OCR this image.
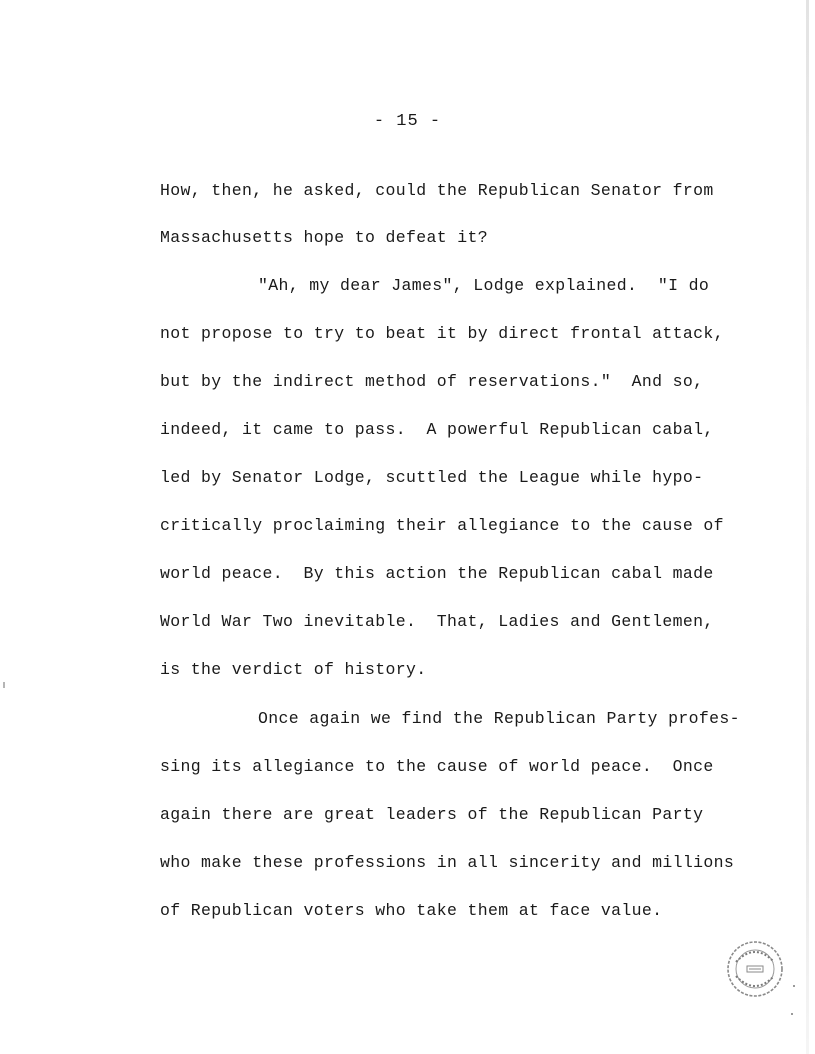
- 15 -
How, then, he asked, could the Republican Senator from
Massachusetts hope to defeat it?
"Ah, my dear James", Lodge explained.  "I do
not propose to try to beat it by direct frontal attack,
but by the indirect method of reservations."  And so,
indeed, it came to pass.  A powerful Republican cabal,
led by Senator Lodge, scuttled the League while hypo-
critically proclaiming their allegiance to the cause of
world peace.  By this action the Republican cabal made
World War Two inevitable.  That, Ladies and Gentlemen,
is the verdict of history.
Once again we find the Republican Party profes-
sing its allegiance to the cause of world peace.  Once
again there are great leaders of the Republican Party
who make these professions in all sincerity and millions
of Republican voters who take them at face value.
